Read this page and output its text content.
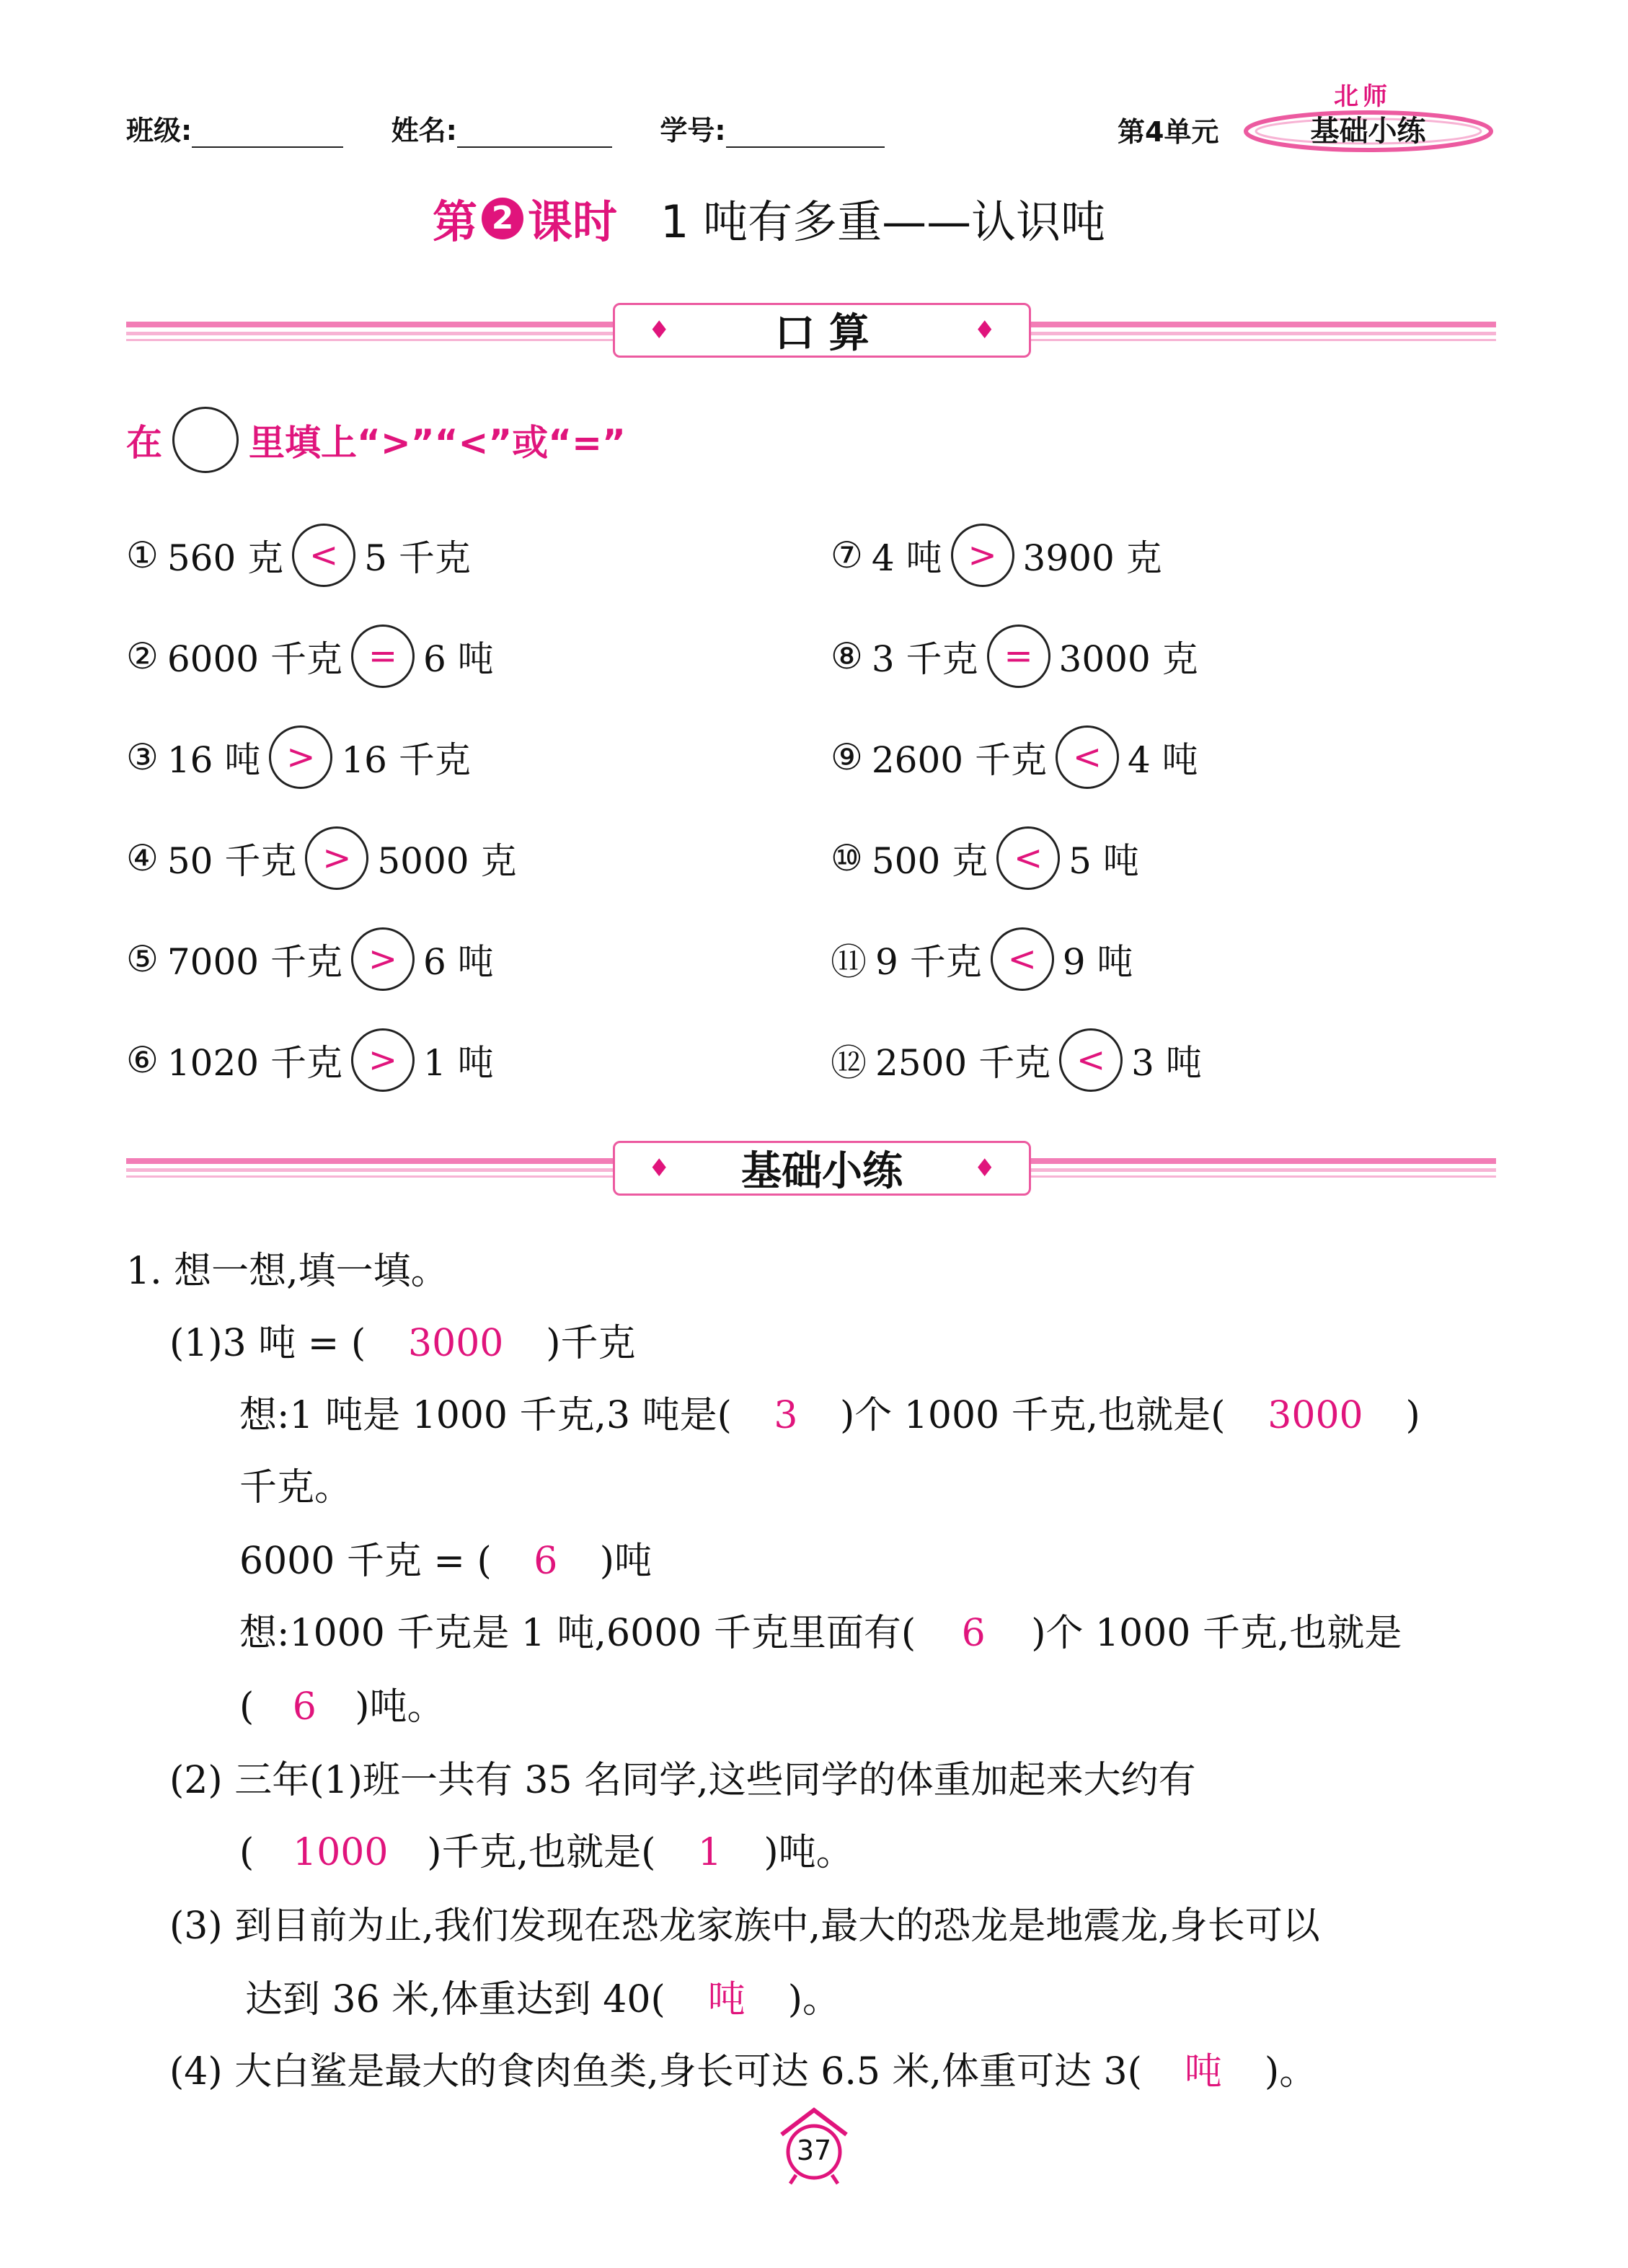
班级:	姓名:	学号:	第4单元	基础小练
北师
第 2 课时 1 吨有多重——认识吨
♦	口 算	♦
在 里填上“>”“<”或“=”
① 560 克 < 5 千克
② 6000 千克 = 6 吨
③ 16 吨 > 16 千克
④ 50 千克 > 5000 克
⑤ 7000 千克 > 6 吨
⑥ 1020 千克 > 1 吨
⑦ 4 吨 > 3900 克
⑧ 3 千克 = 3000 克
⑨ 2600 千克 < 4 吨
⑩ 500 克 < 5 吨
⑪ 9 千克 < 9 吨
⑫ 2500 千克 < 3 吨
♦ 基础小练	♦
1. 想一想,填一填。
(1)3 吨 = ( 3000 )千克
想:1 吨是 1000 千克,3 吨是( 3 )个 1000 千克,也就是( 3000 )
千克。
6000 千克 = ( 6 )吨
想:1000 千克是 1 吨,6000 千克里面有( 6 )个 1000 千克,也就是
( 6 )吨。
(2) 三年(1)班一共有 35 名同学,这些同学的体重加起来大约有
( 1000 )千克,也就是( 1 )吨。
(3) 到目前为止,我们发现在恐龙家族中,最大的恐龙是地震龙,身长可以
达到 36 米,体重达到 40( 吨 )。
(4) 大白鲨是最大的食肉鱼类,身长可达 6.5 米,体重可达 3( 吨 )。
37
